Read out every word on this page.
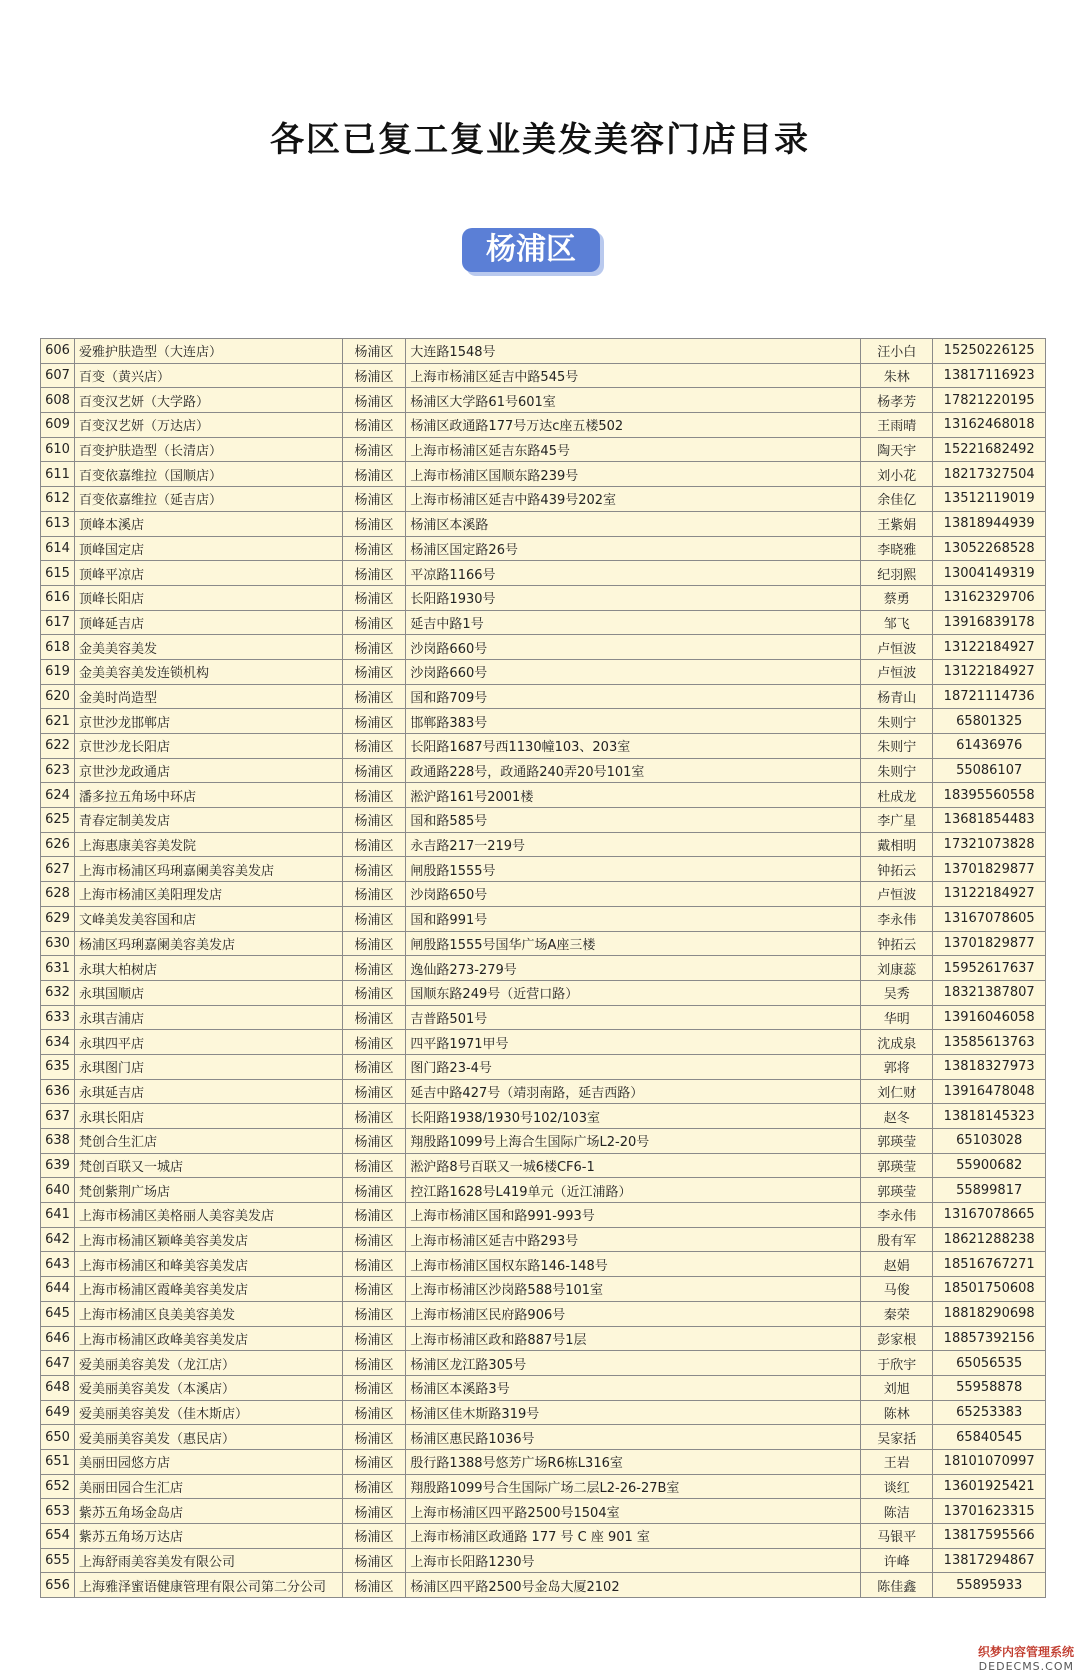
各区已复工复业美发美容门店目录
杨浦区
606	爱雅护肤造型（大连店）	杨浦区	大连路1548号	汪小白	15250226125
607	百变（黄兴店）	杨浦区	上海市杨浦区延吉中路545号	朱林	13817116923
608	百变汉艺妍（大学路）	杨浦区	杨浦区大学路61号601室	杨孝芳	17821220195
609	百变汉艺妍（万达店）	杨浦区	杨浦区政通路177号万达c座五楼502	王雨晴	13162468018
610	百变护肤造型（长清店）	杨浦区	上海市杨浦区延吉东路45号	陶天宇	15221682492
611	百变依嘉维拉（国顺店）	杨浦区	上海市杨浦区国顺东路239号	刘小花	18217327504
612	百变依嘉维拉（延吉店）	杨浦区	上海市杨浦区延吉中路439号202室	余佳亿	13512119019
613	顶峰本溪店	杨浦区	杨浦区本溪路	王紫娟	13818944939
614	顶峰国定店	杨浦区	杨浦区国定路26号	李晓雅	13052268528
615	顶峰平凉店	杨浦区	平凉路1166号	纪羽熙	13004149319
616	顶峰长阳店	杨浦区	长阳路1930号	蔡勇	13162329706
617	顶峰延吉店	杨浦区	延吉中路1号	邹飞	13916839178
618	金美美容美发	杨浦区	沙岗路660号	卢恒波	13122184927
619	金美美容美发连锁机构	杨浦区	沙岗路660号	卢恒波	13122184927
620	金美时尚造型	杨浦区	国和路709号	杨青山	18721114736
621	京世沙龙邯郸店	杨浦区	邯郸路383号	朱则宁	65801325
622	京世沙龙长阳店	杨浦区	长阳路1687号西1130幢103、203室	朱则宁	61436976
623	京世沙龙政通店	杨浦区	政通路228号，政通路240弄20号101室	朱则宁	55086107
624	潘多拉五角场中环店	杨浦区	淞沪路161号2001楼	杜成龙	18395560558
625	青春定制美发店	杨浦区	国和路585号	李广星	13681854483
626	上海惠康美容美发院	杨浦区	永吉路217一219号	戴相明	17321073828
627	上海市杨浦区玛琍嘉阑美容美发店	杨浦区	闸殷路1555号	钟拓云	13701829877
628	上海市杨浦区美阳理发店	杨浦区	沙岗路650号	卢恒波	13122184927
629	文峰美发美容国和店	杨浦区	国和路991号	李永伟	13167078605
630	杨浦区玛琍嘉阑美容美发店	杨浦区	闸殷路1555号国华广场A座三楼	钟拓云	13701829877
631	永琪大柏树店	杨浦区	逸仙路273-279号	刘康蕊	15952617637
632	永琪国顺店	杨浦区	国顺东路249号（近营口路）	吴秀	18321387807
633	永琪吉浦店	杨浦区	吉普路501号	华明	13916046058
634	永琪四平店	杨浦区	四平路1971甲号	沈成泉	13585613763
635	永琪图门店	杨浦区	图门路23-4号	郭将	13818327973
636	永琪延吉店	杨浦区	延吉中路427号（靖羽南路，延吉西路）	刘仁财	13916478048
637	永琪长阳店	杨浦区	长阳路1938/1930号102/103室	赵冬	13818145323
638	梵创合生汇店	杨浦区	翔殷路1099号上海合生国际广场L2-20号	郭瑛莹	65103028
639	梵创百联又一城店	杨浦区	淞沪路8号百联又一城6楼CF6-1	郭瑛莹	55900682
640	梵创紫荆广场店	杨浦区	控江路1628号L419单元（近江浦路）	郭瑛莹	55899817
641	上海市杨浦区美格丽人美容美发店	杨浦区	上海市杨浦区国和路991-993号	李永伟	13167078665
642	上海市杨浦区颖峰美容美发店	杨浦区	上海市杨浦区延吉中路293号	殷有军	18621288238
643	上海市杨浦区和峰美容美发店	杨浦区	上海市杨浦区国权东路146-148号	赵娟	18516767271
644	上海市杨浦区霞峰美容美发店	杨浦区	上海市杨浦区沙岗路588号101室	马俊	18501750608
645	上海市杨浦区良美美容美发	杨浦区	上海市杨浦区民府路906号	秦荣	18818290698
646	上海市杨浦区政峰美容美发店	杨浦区	上海市杨浦区政和路887号1层	彭家根	18857392156
647	爱美丽美容美发（龙江店）	杨浦区	杨浦区龙江路305号	于欣宇	65056535
648	爱美丽美容美发（本溪店）	杨浦区	杨浦区本溪路3号	刘旭	55958878
649	爱美丽美容美发（佳木斯店）	杨浦区	杨浦区佳木斯路319号	陈林	65253383
650	爱美丽美容美发（惠民店）	杨浦区	杨浦区惠民路1036号	吴家括	65840545
651	美丽田园悠方店	杨浦区	殷行路1388号悠芳广场R6栋L316室	王岩	18101070997
652	美丽田园合生汇店	杨浦区	翔殷路1099号合生国际广场二层L2-26-27B室	谈红	13601925421
653	紫苏五角场金岛店	杨浦区	上海市杨浦区四平路2500号1504室	陈洁	13701623315
654	紫苏五角场万达店	杨浦区	上海市杨浦区政通路 177 号 C 座 901 室	马银平	13817595566
655	上海舒雨美容美发有限公司	杨浦区	上海市长阳路1230号	许峰	13817294867
656	上海雅泽蜜语健康管理有限公司第二分公司	杨浦区	杨浦区四平路2500号金岛大厦2102	陈佳鑫	55895933
织梦内容管理系统
DEDECMS.COM
